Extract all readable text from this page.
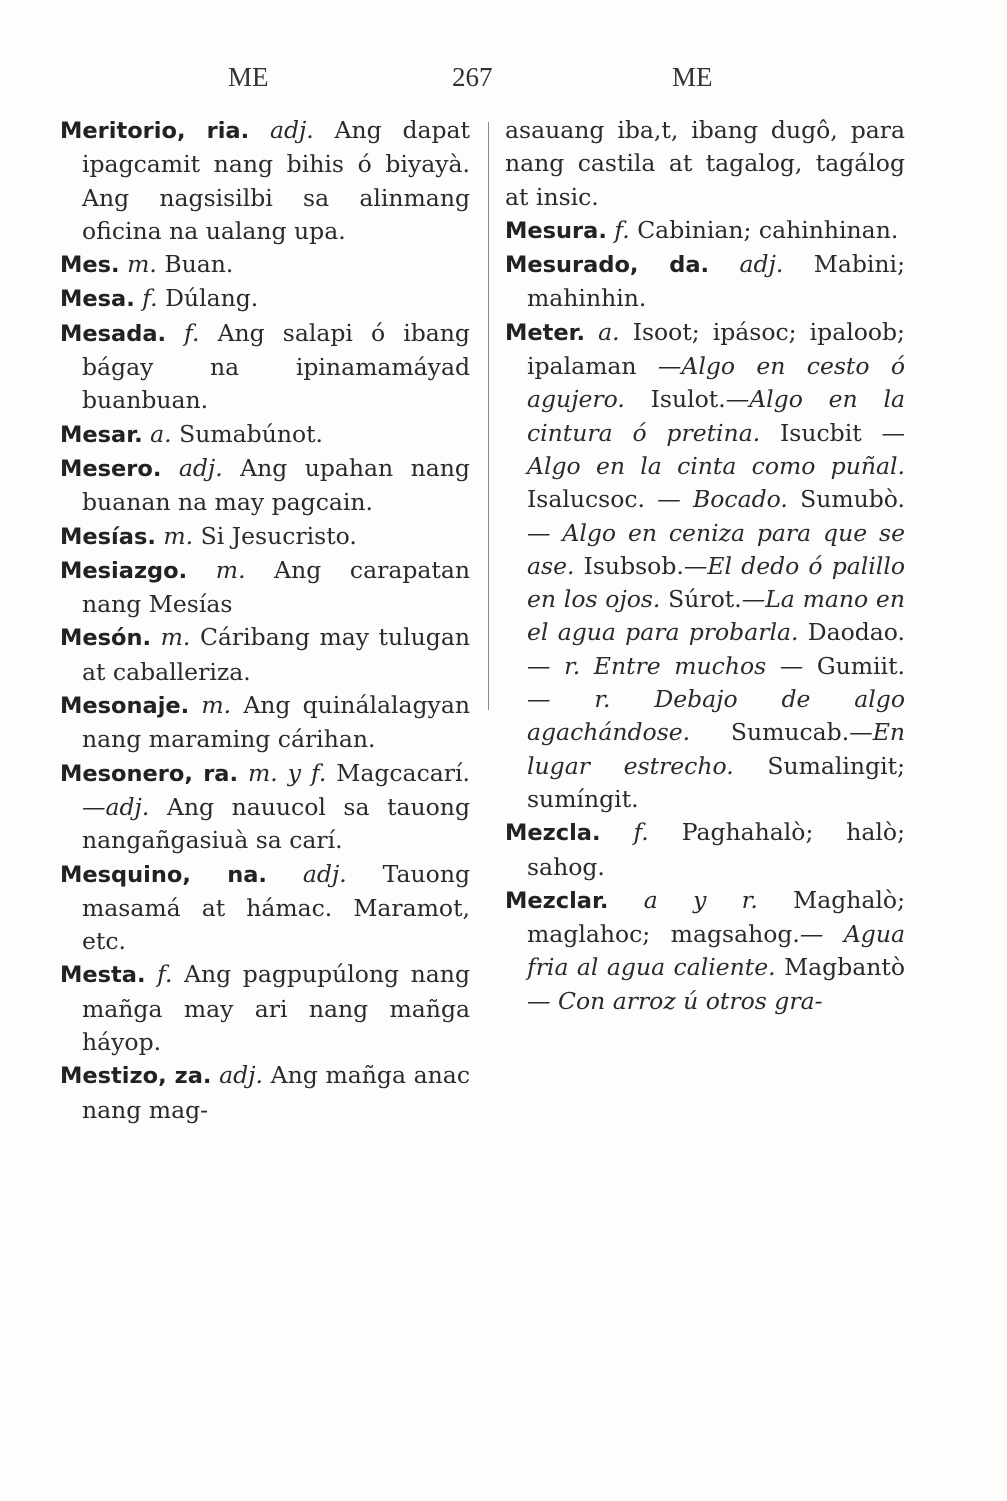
ME	267	ME

Meritorio, ria. adj. Ang dapat ipagcamit nang bihis ó biyayà. Ang nagsisilbi sa alinmang oficina na ualang upa.

Mes. m. Buan.

Mesa. f. Dúlang.

Mesada. f. Ang salapi ó ibang bágay na ipinamamáyad buanbuan.

Mesar. a. Sumabúnot.

Mesero. adj. Ang upahan nang buanan na may pagcain.

Mesías. m. Si Jesucristo.

Mesiazgo. m. Ang carapatan nang Mesías

Mesón. m. Cáribang may tulugan at caballeriza.

Mesonaje. m. Ang quinálalagyan nang maraming cárihan.

Mesonero, ra. m. y f. Magcacarí.—adj. Ang nauucol sa tauong nangañgasiuà sa carí.

Mesquino, na. adj. Tauong masamá at hámac. Maramot, etc.

Mesta. f. Ang pagpupúlong nang mañga may ari nang mañga háyop.

Mestizo, za. adj. Ang mañga anac nang mag-

asauang iba,t, ibang dugô, para nang castila at tagalog, tagálog at insic.

Mesura. f. Cabinian; cahinhinan.

Mesurado, da. adj. Mabini; mahinhin.

Meter. a. Isoot; ipásoc; ipaloob; ipalaman —Algo en cesto ó agujero. Isulot.—Algo en la cintura ó pretina. Isucbit —Algo en la cinta como puñal. Isalucsoc. — Bocado. Sumubò. — Algo en ceniza para que se ase. Isubsob.—El dedo ó palillo en los ojos. Súrot.—La mano en el agua para probarla. Daodao. — r. Entre muchos — Gumiit. — r. Debajo de algo agachándose. Sumucab.—En lugar estrecho. Sumalingit; sumíngit.

Mezcla. f. Paghahalò; halò; sahog.

Mezclar. a y r. Maghalò; maglahoc; magsahog.— Agua fria al agua caliente. Magbantò — Con arroz ú otros gra-
